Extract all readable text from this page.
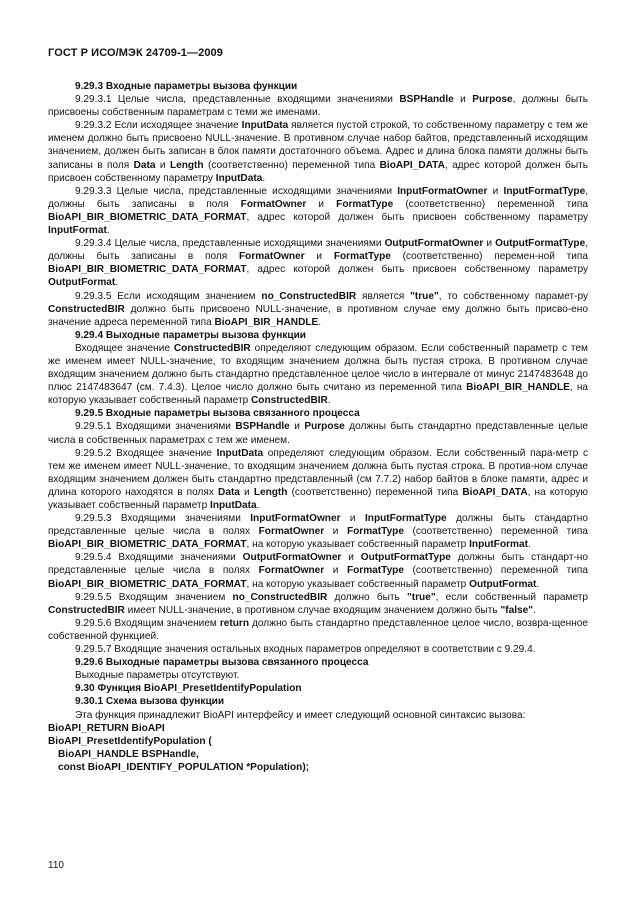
ГОСТ Р ИСО/МЭК 24709-1—2009

9.29.3 Входные параметры вызова функции

9.29.3.1 Целые числа, представленные входящими значениями BSPHandle и Purpose, должны быть присвоены собственным параметрам с теми же именами.

9.29.3.2 Если исходящее значение InputData является пустой строкой, то собственному параметру с тем же именем должно быть присвоено NULL-значение. В противном случае набор байтов, представленный исходящим значением, должен быть записан в блок памяти достаточного объема. Адрес и длина блока памяти должны быть записаны в поля Data и Length (соответственно) переменной типа BioAPI_DATA, адрес которой должен быть присвоен собственному параметру InputData.

9.29.3.3 Целые числа, представленные исходящими значениями InputFormatOwner и InputFormatType, должны быть записаны в поля FormatOwner и FormatType (соответственно) переменной типа BioAPI_BIR_BIOMETRIC_DATA_FORMAT, адрес которой должен быть присвоен собственному параметру InputFormat.

9.29.3.4 Целые числа, представленные исходящими значениями OutputFormatOwner и OutputFormatType, должны быть записаны в поля FormatOwner и FormatType (соответственно) перемен-ной типа BioAPI_BIR_BIOMETRIC_DATA_FORMAT, адрес которой должен быть присвоен собственному параметру OutputFormat.

9.29.3.5 Если исходящим значением no_ConstructedBIR является "true", то собственному парамет-ру ConstructedBIR должно быть присвоено NULL-значение, в противном случае ему должно быть присво-ено значение адреса переменной типа BioAPI_BIR_HANDLE.

9.29.4 Выходные параметры вызова функции

Входящее значение ConstructedBIR определяют следующим образом. Если собственный параметр с тем же именем имеет NULL-значение, то входящим значением должна быть пустая строка. В противном случае входящим значением должно быть стандартно представленное целое число в интервале от минус 2147483648 до плюс 2147483647 (см. 7.4.3). Целое число должно быть считано из переменной типа BioAPI_BIR_HANDLE, на которую указывает собственный параметр ConstructedBIR.

9.29.5 Входные параметры вызова связанного процесса

9.29.5.1 Входящими значениями BSPHandle и Purpose должны быть стандартно представленные целые числа в собственных параметрах с тем же именем.

9.29.5.2 Входящее значение InputData определяют следующим образом. Если собственный пара-метр с тем же именем имеет NULL-значение, то входящим значением должна быть пустая строка. В против-ном случае входящим значением должен быть стандартно представленный (см 7.7.2) набор байтов в блоке памяти, адрес и длина которого находятся в полях Data и Length (соответственно) переменной типа BioAPI_DATA, на которую указывает собственный параметр InputData.

9.29.5.3 Входящими значениями InputFormatOwner и InputFormatType должны быть стандартно представленные целые числа в полях FormatOwner и FormatType (соответственно) переменной типа BioAPI_BIR_BIOMETRIC_DATA_FORMAT, на которую указывает собственный параметр InputFormat.

9.29.5.4 Входящими значениями OutputFormatOwner и OutputFormatType должны быть стандарт-но представленные целые числа в полях FormatOwner и FormatType (соответственно) переменной типа BioAPI_BIR_BIOMETRIC_DATA_FORMAT, на которую указывает собственный параметр OutputFormat.

9.29.5.5 Входящим значением no_ConstructedBIR должно быть "true", если собственный параметр ConstructedBIR имеет NULL-значение, в противном случае входящим значением должно быть "false".

9.29.5.6 Входящим значением return должно быть стандартно представленное целое число, возвра-щенное собственной функцией.

9.29.5.7 Входящие значения остальных входных параметров определяют в соответствии с 9.29.4.

9.29.6 Выходные параметры вызова связанного процесса

Выходные параметры отсутствуют.

9.30 Функция BioAPI_PresetIdentifyPopulation

9.30.1 Схема вызова функции

Эта функция принадлежит BioAPI интерфейсу и имеет следующий основной синтаксис вызова:

BioAPI_RETURN BioAPI

BioAPI_PresetIdentifyPopulation (

BioAPI_HANDLE BSPHandle,

const BioAPI_IDENTIFY_POPULATION *Population);

110
